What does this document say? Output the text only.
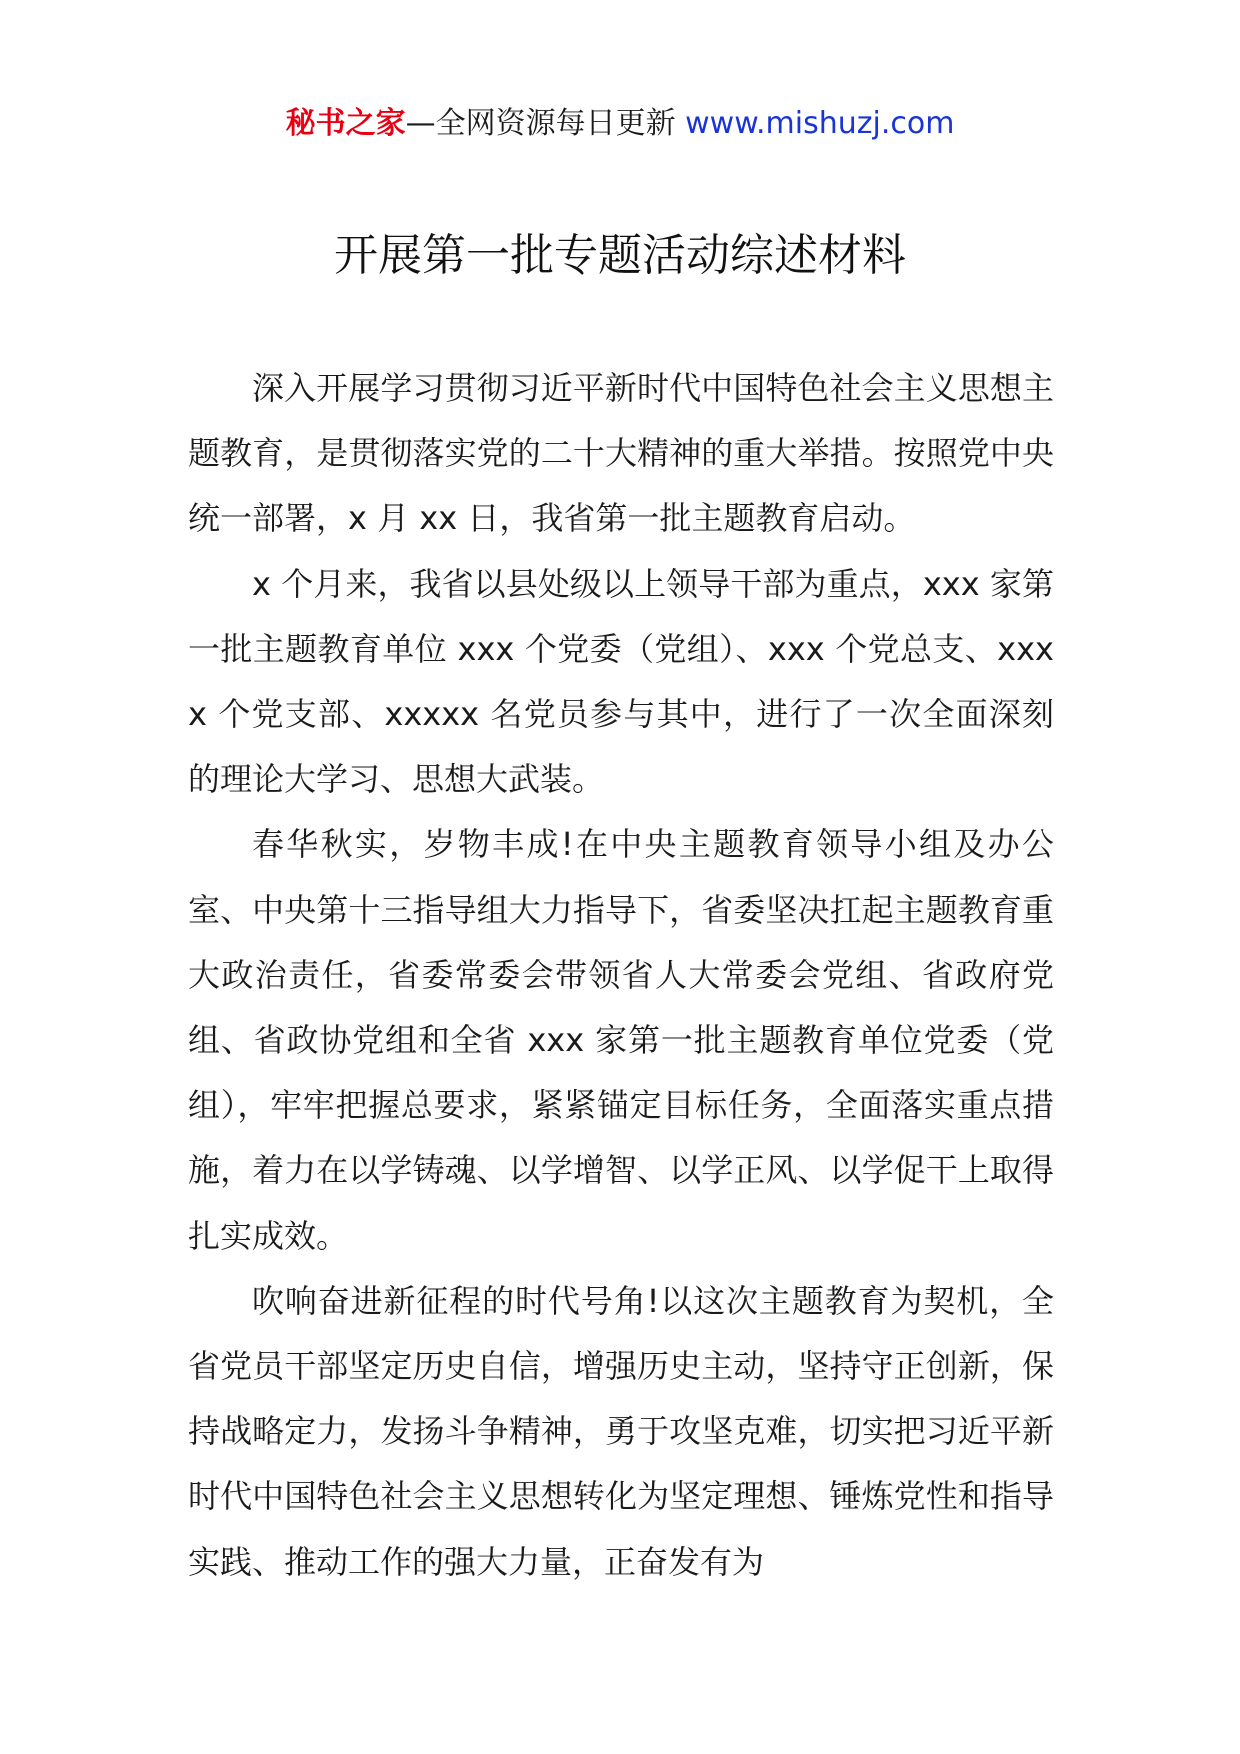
秘书之家—全网资源每日更新 www.mishuzj.com
开展第一批专题活动综述材料

深入开展学习贯彻习近平新时代中国特色社会主义思想主题教育，是贯彻落实党的二十大精神的重大举措。按照党中央统一部署，x 月 xx 日，我省第一批主题教育启动。

x 个月来，我省以县处级以上领导干部为重点，xxx 家第一批主题教育单位 xxx 个党委（党组）、xxx 个党总支、xxxx 个党支部、xxxxx 名党员参与其中，进行了一次全面深刻的理论大学习、思想大武装。

春华秋实，岁物丰成!在中央主题教育领导小组及办公室、中央第十三指导组大力指导下，省委坚决扛起主题教育重大政治责任，省委常委会带领省人大常委会党组、省政府党组、省政协党组和全省 xxx 家第一批主题教育单位党委（党组），牢牢把握总要求，紧紧锚定目标任务，全面落实重点措施，着力在以学铸魂、以学增智、以学正风、以学促干上取得扎实成效。

吹响奋进新征程的时代号角!以这次主题教育为契机，全省党员干部坚定历史自信，增强历史主动，坚持守正创新，保持战略定力，发扬斗争精神，勇于攻坚克难，切实把习近平新时代中国特色社会主义思想转化为坚定理想、锤炼党性和指导实践、推动工作的强大力量，正奋发有为
